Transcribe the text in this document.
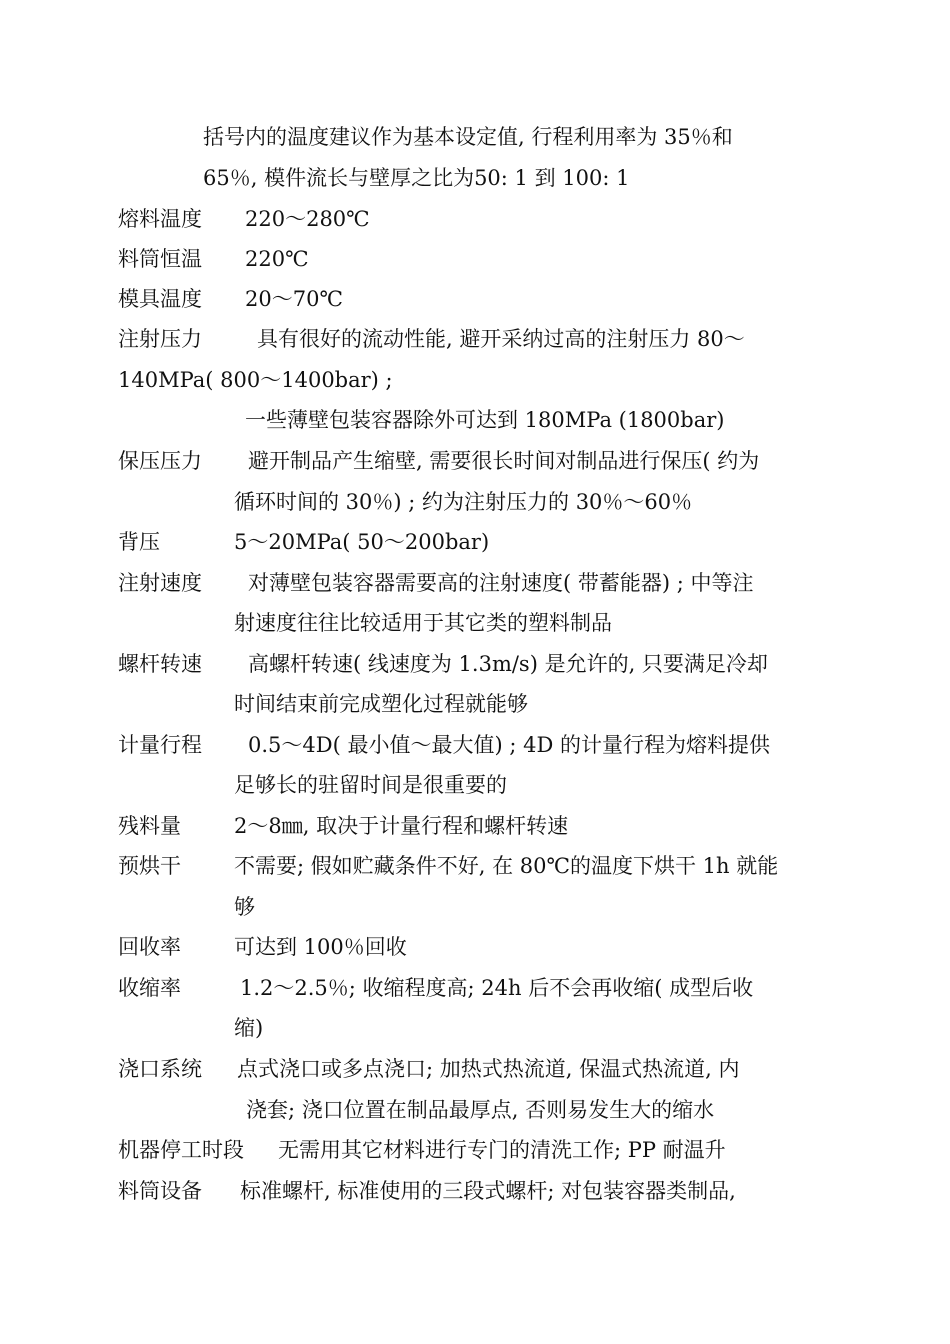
括号内的温度建议作为基本设定值, 行程利用率为 35％和
65％, 模件流长与壁厚之比为50: 1 到 100: 1
熔料温度 220～280℃
料筒恒温 220℃
模具温度 20～70℃
注射压力	具有很好的流动性能, 避开采纳过高的注射压力 80～
140MPa( 800～1400bar) ;
一些薄壁包装容器除外可达到 180MPa (1800bar)
保压压力 避开制品产生缩壁, 需要很长时间对制品进行保压( 约为
循环时间的 30％) ; 约为注射压力的 30％～60％
背压	5～20MPa( 50～200bar)
注射速度 对薄壁包装容器需要高的注射速度( 带蓄能器) ; 中等注
射速度往往比较适用于其它类的塑料制品
螺杆转速 高螺杆转速( 线速度为 1.3m/s) 是允许的, 只要满足冷却
时间结束前完成塑化过程就能够
计量行程 0.5～4D( 最小值～最大值) ; 4D 的计量行程为熔料提供
足够长的驻留时间是很重要的
残料量	2～8㎜, 取决于计量行程和螺杆转速
预烘干	不需要; 假如贮藏条件不好, 在 80℃的温度下烘干 1h 就能
够
回收率	可达到 100％回收
收缩率	1.2～2.5％; 收缩程度高; 24h 后不会再收缩( 成型后收
缩)
浇口系统 点式浇口或多点浇口; 加热式热流道, 保温式热流道, 内
浇套; 浇口位置在制品最厚点, 否则易发生大的缩水
机器停工时段 无需用其它材料进行专门的清洗工作; PP 耐温升
料筒设备 标准螺杆, 标准使用的三段式螺杆; 对包装容器类制品,
